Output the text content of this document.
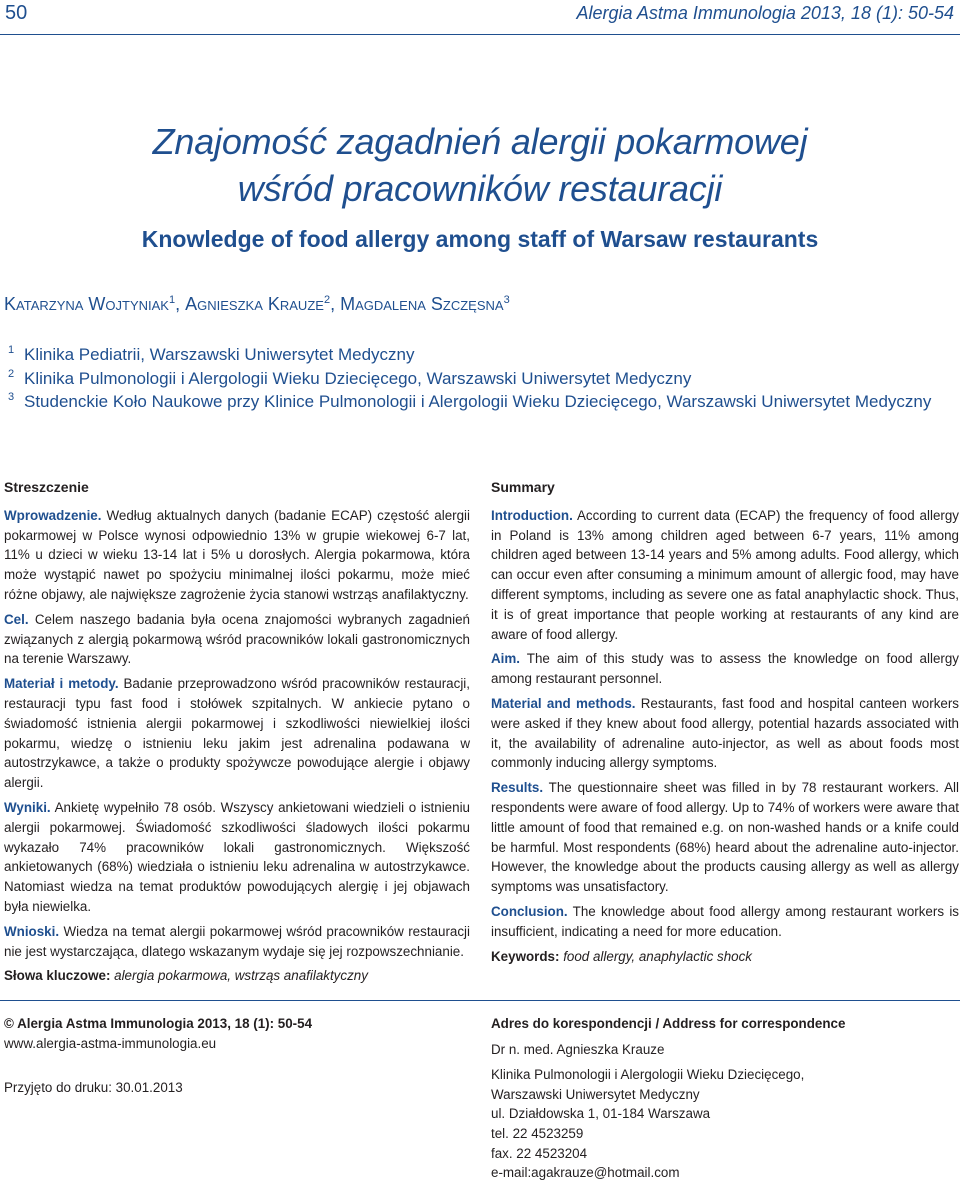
50	Alergia Astma Immunologia 2013, 18 (1): 50-54
Znajomość zagadnień alergii pokarmowej
wśród pracowników restauracji
Knowledge of food allergy among staff of Warsaw restaurants
Katarzyna Wojtyniak$^1$, Agnieszka Krauze$^2$, Magdalena Szczęsna$^3$
1 Klinika Pediatrii, Warszawski Uniwersytet Medyczny
2 Klinika Pulmonologii i Alergologii Wieku Dziecięcego, Warszawski Uniwersytet Medyczny
3 Studenckie Koło Naukowe przy Klinice Pulmonologii i Alergologii Wieku Dziecięcego, Warszawski Uniwersytet Medyczny
Streszczenie

Wprowadzenie. Według aktualnych danych (badanie ECAP) częstość alergii pokarmowej w Polsce wynosi odpowiednio 13% w grupie wiekowej 6-7 lat, 11% u dzieci w wieku 13-14 lat i 5% u dorosłych. Alergia pokarmowa, która może wystąpić nawet po spożyciu minimalnej ilości pokarmu, może mieć różne objawy, ale największe zagrożenie życia stanowi wstrząs anafilaktyczny.

Cel. Celem naszego badania była ocena znajomości wybranych zagadnień związanych z alergią pokarmową wśród pracowników lokali gastronomicznych na terenie Warszawy.

Materiał i metody. Badanie przeprowadzono wśród pracowników restauracji, restauracji typu fast food i stołówek szpitalnych. W ankiecie pytano o świadomość istnienia alergii pokarmowej i szkodliwości niewielkiej ilości pokarmu, wiedzę o istnieniu leku jakim jest adrenalina podawana w autostrzykawce, a także o produkty spożywcze powodujące alergie i objawy alergii.

Wyniki. Ankietę wypełniło 78 osób. Wszyscy ankietowani wiedzieli o istnieniu alergii pokarmowej. Świadomość szkodliwości śladowych ilości pokarmu wykazało 74% pracowników lokali gastronomicznych. Większość ankietowanych (68%) wiedziała o istnieniu leku adrenalina w autostrzykawce. Natomiast wiedza na temat produktów powodujących alergię i jej objawach była niewielka.

Wnioski. Wiedza na temat alergii pokarmowej wśród pracowników restauracji nie jest wystarczająca, dlatego wskazanym wydaje się jej rozpowszechnianie.

Słowa kluczowe: alergia pokarmowa, wstrząs anafilaktyczny

Summary

Introduction. According to current data (ECAP) the frequency of food allergy in Poland is 13% among children aged between 6-7 years, 11% among children aged between 13-14 years and 5% among adults. Food allergy, which can occur even after consuming a minimum amount of allergic food, may have different symptoms, including as severe one as fatal anaphylactic shock. Thus, it is of great importance that people working at restaurants of any kind are aware of food allergy.

Aim. The aim of this study was to assess the knowledge on food allergy among restaurant personnel.

Material and methods. Restaurants, fast food and hospital canteen workers were asked if they knew about food allergy, potential hazards associated with it, the availability of adrenaline auto-injector, as well as about foods most commonly inducing allergy symptoms.

Results. The questionnaire sheet was filled in by 78 restaurant workers. All respondents were aware of food allergy. Up to 74% of workers were aware that little amount of food that remained e.g. on non-washed hands or a knife could be harmful. Most respondents (68%) heard about the adrenaline auto-injector. However, the knowledge about the products causing allergy as well as allergy symptoms was unsatisfactory.

Conclusion. The knowledge about food allergy among restaurant workers is insufficient, indicating a need for more education.

Keywords: food allergy, anaphylactic shock

© Alergia Astma Immunologia 2013, 18 (1): 50-54
www.alergia-astma-immunologia.eu
Przyjęto do druku: 30.01.2013
Adres do korespondencji / Address for correspondence
Dr n. med. Agnieszka Krauze
Klinika Pulmonologii i Alergologii Wieku Dziecięcego,
Warszawski Uniwersytet Medyczny
ul. Działdowska 1, 01-184 Warszawa
tel. 22 4523259
fax. 22 4523204
e-mail:agakrauze@hotmail.com
